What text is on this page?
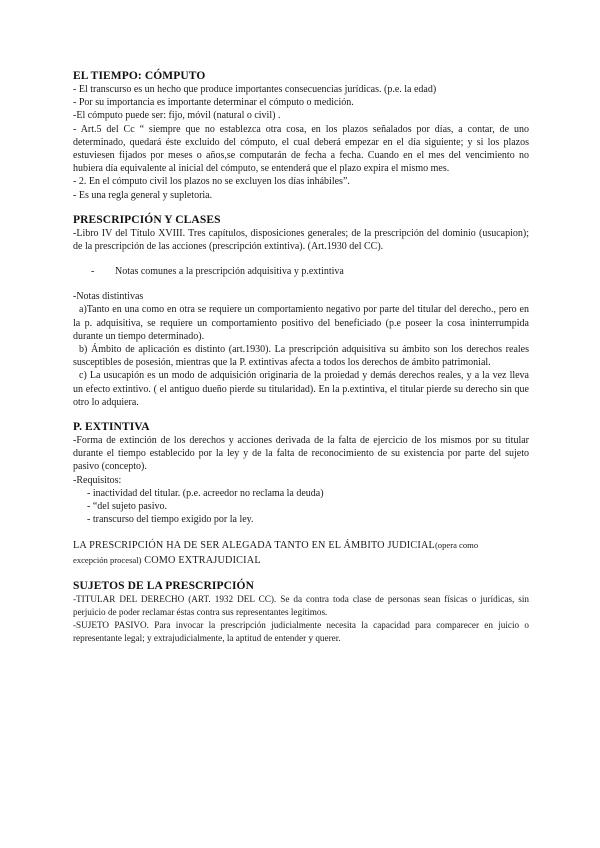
EL TIEMPO: CÓMPUTO

- El transcurso es un hecho que produce importantes consecuencias jurídicas. (p.e. la edad)

- Por su importancia es importante determinar el cómputo o medición.

-El cómputo puede ser: fijo, móvil (natural o civil) .

- Art.5 del Cc “ siempre que no establezca otra cosa, en los plazos señalados por días, a contar, de uno determinado, quedará éste excluido del cómputo, el cual deberá empezar en el día siguiente; y si los plazos estuviesen fijados por meses o años,se computarán de fecha a fecha. Cuando en el mes del vencimiento no hubiera día equivalente al inicial del cómputo, se entenderá que el plazo expira el mismo mes.

- 2. En el cómputo civil los plazos no se excluyen los días inhábiles”.

- Es una regla general y supletoria.

PRESCRIPCIÓN Y CLASES

-Libro IV del Título XVIII. Tres capítulos, disposiciones generales; de la prescripción del dominio (usucapion); de la prescripción de las acciones (prescripción extintiva). (Art.1930 del CC).

-	Notas comunes a la prescripción adquisitiva y p.extintiva

-Notas distintivas

a)Tanto en una como en otra se requiere un comportamiento negativo por parte del titular del derecho., pero en la p. adquisitiva, se requiere un comportamiento positivo del beneficiado (p.e poseer la cosa ininterrumpida durante un tiempo determinado).

b) Ámbito de aplicación es distinto (art.1930). La prescripción adquisitiva su ámbito son los derechos reales susceptibles de posesión, mientras que la P. extintivas afecta a todos los derechos de ámbito patrimonial.

c) La usucapión es un modo de adquisición originaria de la proiedad y demás derechos reales, y a la vez lleva un efecto extintivo. ( el antiguo dueño pierde su titularidad). En la p.extintiva, el titular pierde su derecho sin que otro lo adquiera.

P. EXTINTIVA

-Forma de extinción de los derechos y acciones derivada de la falta de ejercicio de los mismos por su titular durante el tiempo establecido por la ley y de la falta de reconocimiento de su existencia por parte del sujeto pasivo (concepto).

-Requisitos:

- inactividad del titular. (p.e. acreedor no reclama la deuda)

- “del sujeto pasivo.

- transcurso del tiempo exigido por la ley.

LA PRESCRIPCIÓN HA DE SER ALEGADA TANTO EN EL ÁMBITO JUDICIAL(opera como
excepción procesal) COMO EXTRAJUDICIAL

SUJETOS DE LA PRESCRIPCIÓN

-TITULAR DEL DERECHO (ART. 1932 DEL CC). Se da contra toda clase de personas sean físicas o jurídicas, sin perjuicio de poder reclamar éstas contra sus representantes legítimos.

-SUJETO PASIVO. Para invocar la prescripción judicialmente necesita la capacidad para comparecer en juicio o representante legal; y extrajudicialmente, la aptitud de entender y querer.
